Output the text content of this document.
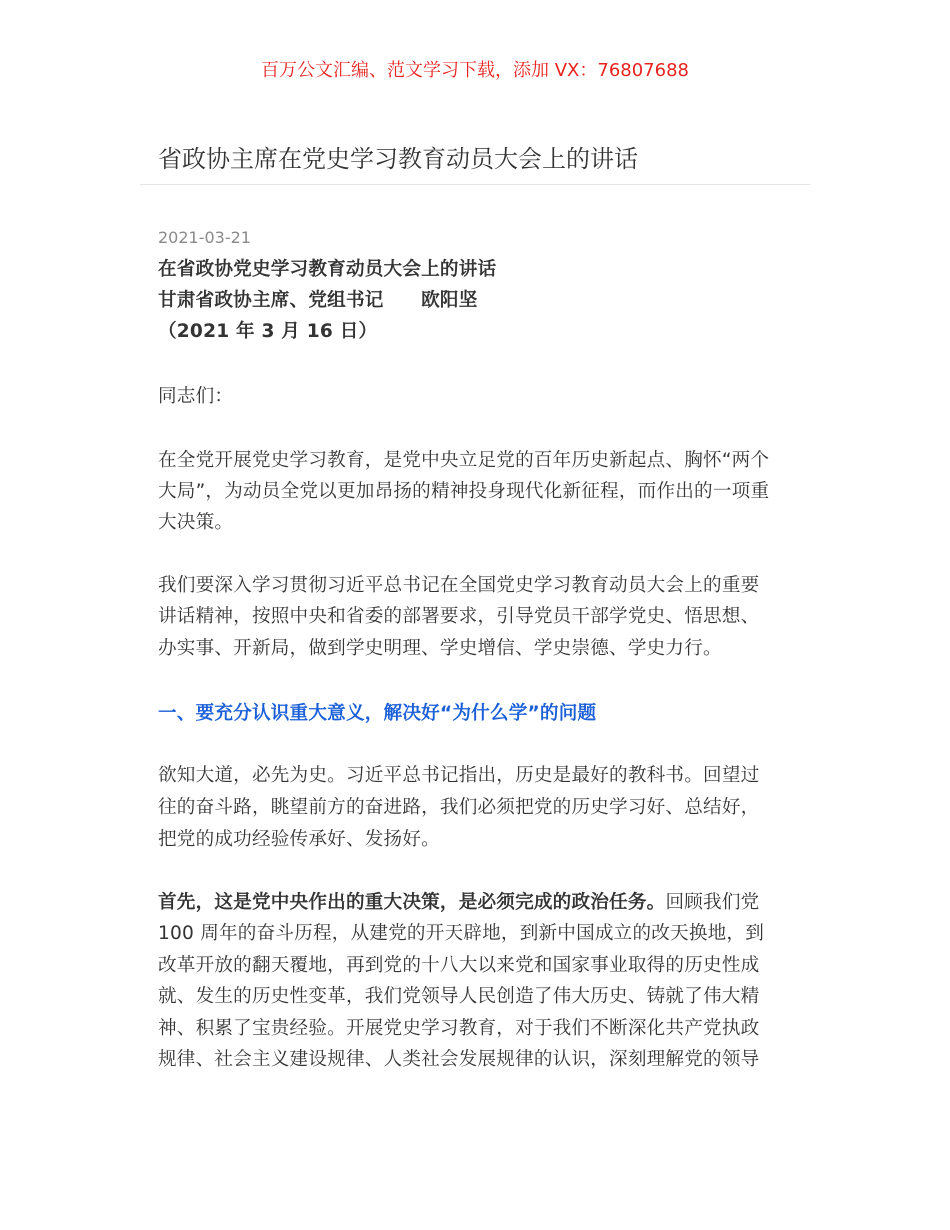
百万公文汇编、范文学习下载，添加 VX：76807688
省政协主席在党史学习教育动员大会上的讲话
2021-03-21
在省政协党史学习教育动员大会上的讲话
甘肃省政协主席、党组书记　　欧阳坚
（2021 年 3 月 16 日）
同志们：
在全党开展党史学习教育，是党中央立足党的百年历史新起点、胸怀“两个
大局”，为动员全党以更加昂扬的精神投身现代化新征程，而作出的一项重
大决策。
我们要深入学习贯彻习近平总书记在全国党史学习教育动员大会上的重要
讲话精神，按照中央和省委的部署要求，引导党员干部学党史、悟思想、
办实事、开新局，做到学史明理、学史增信、学史崇德、学史力行。
一、要充分认识重大意义，解决好“为什么学”的问题
欲知大道，必先为史。习近平总书记指出，历史是最好的教科书。回望过
往的奋斗路，眺望前方的奋进路，我们必须把党的历史学习好、总结好，
把党的成功经验传承好、发扬好。
首先，这是党中央作出的重大决策，是必须完成的政治任务。回顾我们党
100 周年的奋斗历程，从建党的开天辟地，到新中国成立的改天换地，到
改革开放的翻天覆地，再到党的十八大以来党和国家事业取得的历史性成
就、发生的历史性变革，我们党领导人民创造了伟大历史、铸就了伟大精
神、积累了宝贵经验。开展党史学习教育，对于我们不断深化共产党执政
规律、社会主义建设规律、人类社会发展规律的认识，深刻理解党的领导
